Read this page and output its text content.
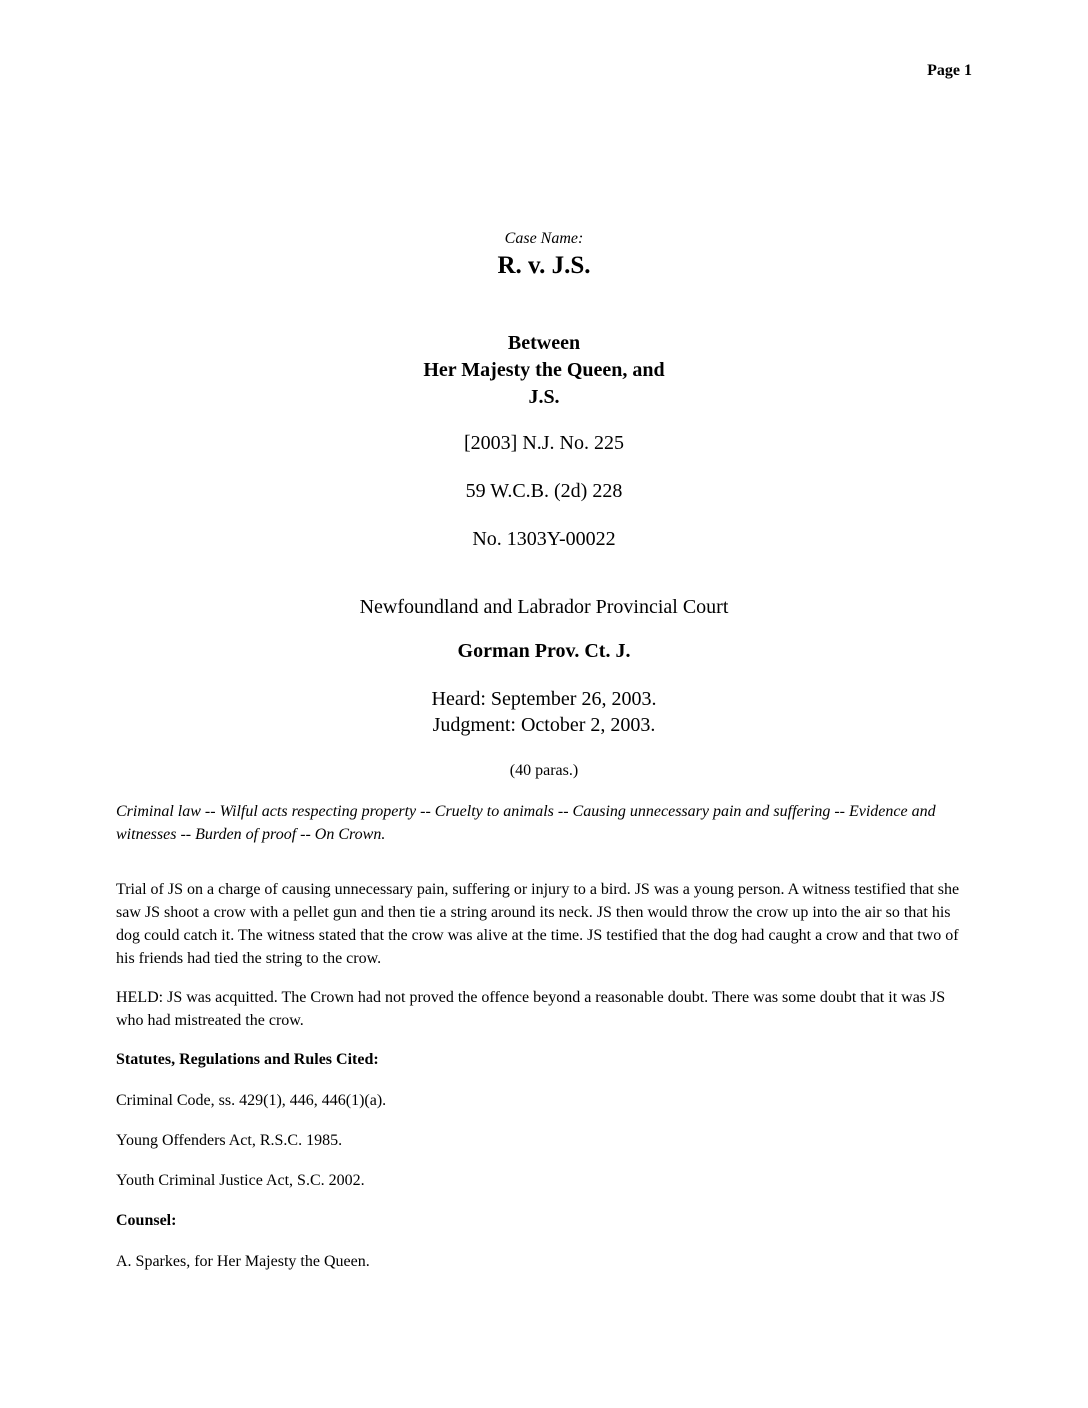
Page 1
Case Name:
R. v. J.S.
Between
Her Majesty the Queen, and
J.S.
[2003] N.J. No. 225
59 W.C.B. (2d) 228
No. 1303Y-00022
Newfoundland and Labrador Provincial Court
Gorman Prov. Ct. J.
Heard: September 26, 2003.
Judgment: October 2, 2003.
(40 paras.)
Criminal law -- Wilful acts respecting property -- Cruelty to animals -- Causing unnecessary pain and suffering -- Evidence and witnesses -- Burden of proof -- On Crown.
Trial of JS on a charge of causing unnecessary pain, suffering or injury to a bird. JS was a young person. A witness testified that she saw JS shoot a crow with a pellet gun and then tie a string around its neck. JS then would throw the crow up into the air so that his dog could catch it. The witness stated that the crow was alive at the time. JS testified that the dog had caught a crow and that two of his friends had tied the string to the crow.
HELD: JS was acquitted. The Crown had not proved the offence beyond a reasonable doubt. There was some doubt that it was JS who had mistreated the crow.
Statutes, Regulations and Rules Cited:
Criminal Code, ss. 429(1), 446, 446(1)(a).
Young Offenders Act, R.S.C. 1985.
Youth Criminal Justice Act, S.C. 2002.
Counsel:
A. Sparkes, for Her Majesty the Queen.
